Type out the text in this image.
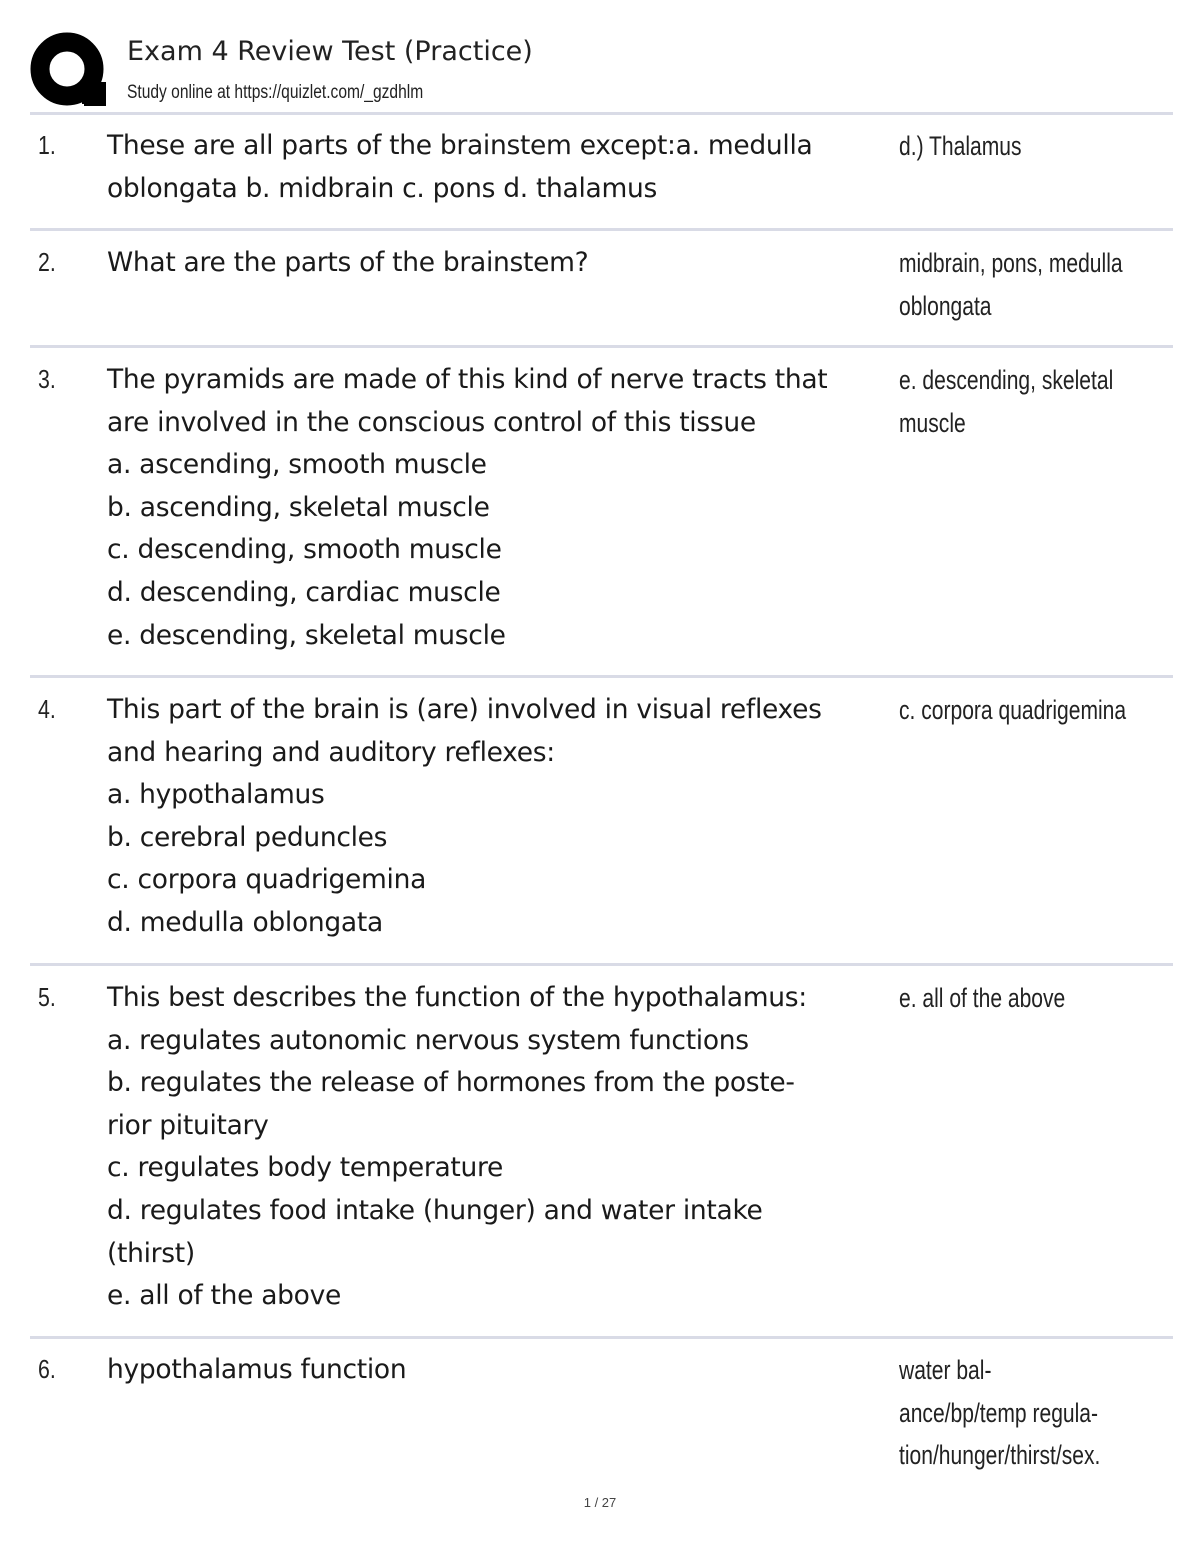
Exam 4 Review Test (Practice)
Study online at https://quizlet.com/_gzdhlm
1. These are all parts of the brainstem except:a. medulla
oblongata b. midbrain c. pons d. thalamus
d.) Thalamus
2. What are the parts of the brainstem?	midbrain, pons, medulla
oblongata
3. The pyramids are made of this kind of nerve tracts that
are involved in the conscious control of this tissue
a. ascending, smooth muscle
b. ascending, skeletal muscle
c. descending, smooth muscle
d. descending, cardiac muscle
e. descending, skeletal muscle
e. descending, skeletal
muscle
4. This part of the brain is (are) involved in visual reflexes
and hearing and auditory reflexes:
a. hypothalamus
b. cerebral peduncles
c. corpora quadrigemina
d. medulla oblongata
c. corpora quadrigemina
5. This best describes the function of the hypothalamus:
a. regulates autonomic nervous system functions
b. regulates the release of hormones from the poste-
rior pituitary
c. regulates body temperature
d. regulates food intake (hunger) and water intake
(thirst)
e. all of the above
e. all of the above
6. hypothalamus function	water bal-
ance/bp/temp regula-
tion/hunger/thirst/sex.
1 / 27
